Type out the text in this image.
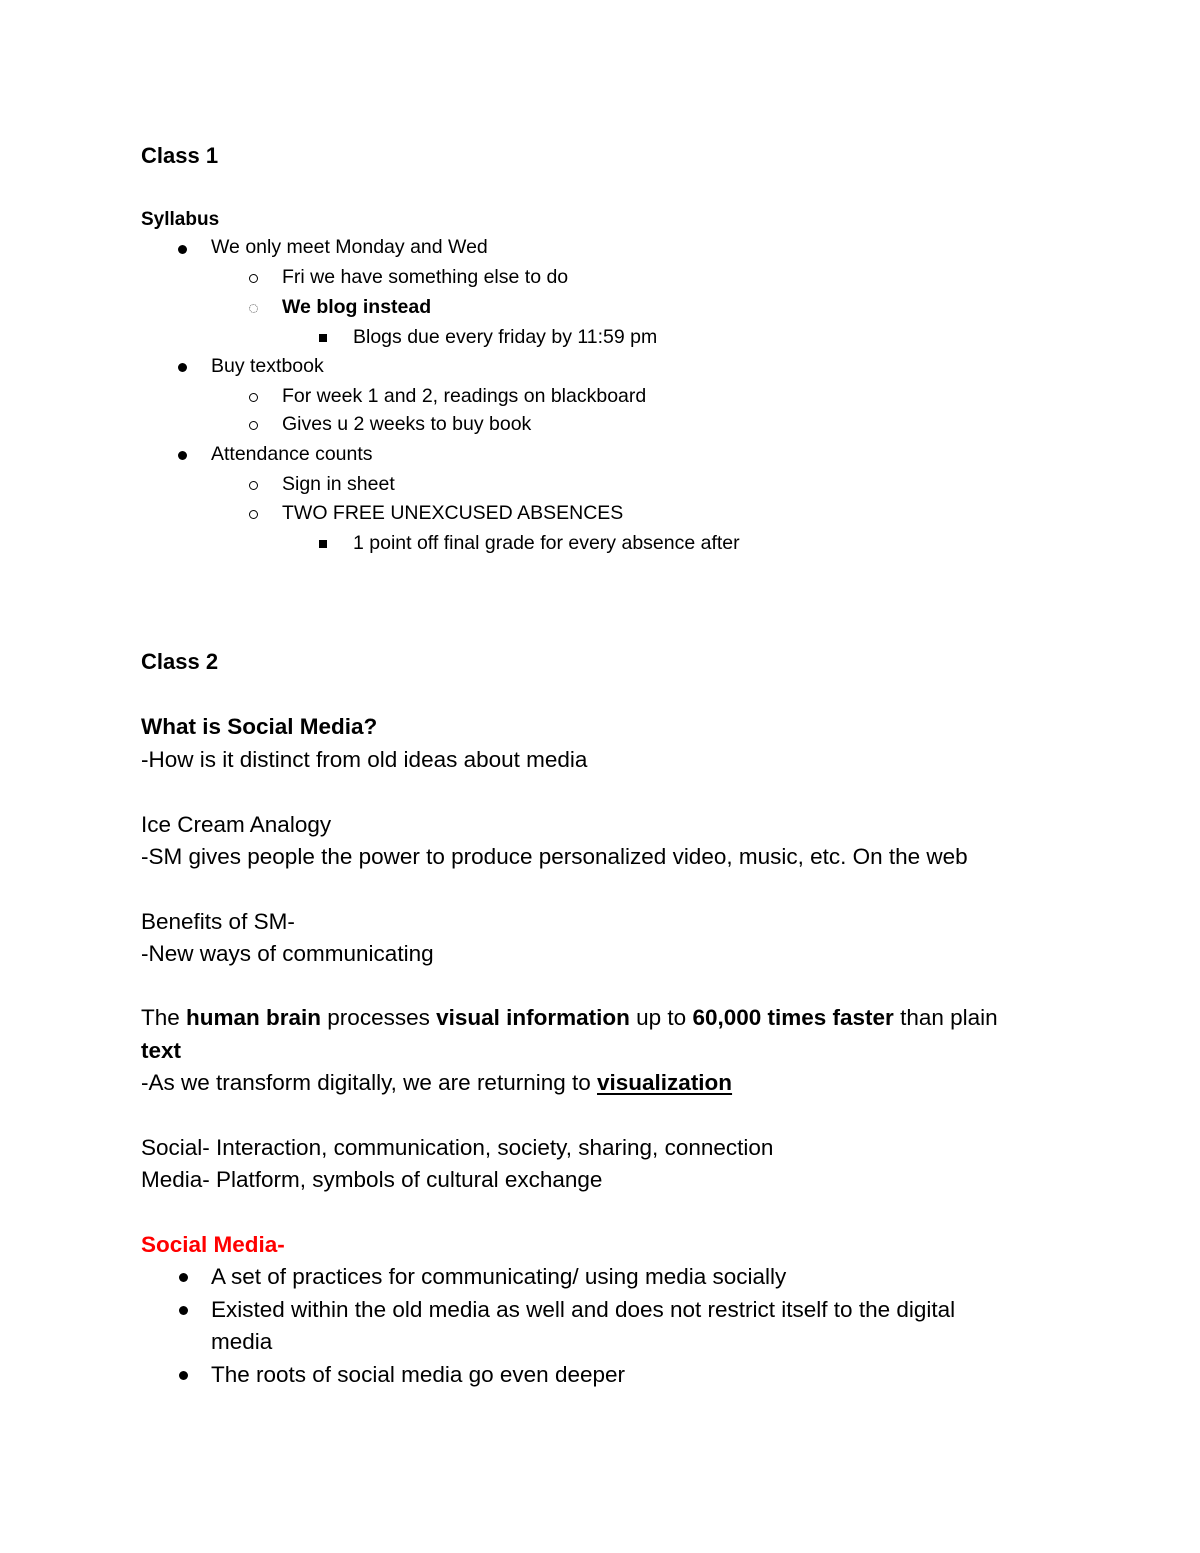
Class 1
Syllabus
We only meet Monday and Wed
Fri we have something else to do
We blog instead
Blogs due every friday by 11:59 pm
Buy textbook
For week 1 and 2, readings on blackboard
Gives u 2 weeks to buy book
Attendance counts
Sign in sheet
TWO FREE UNEXCUSED ABSENCES
1 point off final grade for every absence after
Class 2
What is Social Media?
-How is it distinct from old ideas about media
Ice Cream Analogy
-SM gives people the power to produce personalized video, music, etc. On the web
Benefits of SM-
-New ways of communicating
The human brain processes visual information up to 60,000 times faster than plain
text
-As we transform digitally, we are returning to visualization
Social- Interaction, communication, society, sharing, connection
Media- Platform, symbols of cultural exchange
Social Media-
A set of practices for communicating/ using media socially
Existed within the old media as well and does not restrict itself to the digital
media
The roots of social media go even deeper
